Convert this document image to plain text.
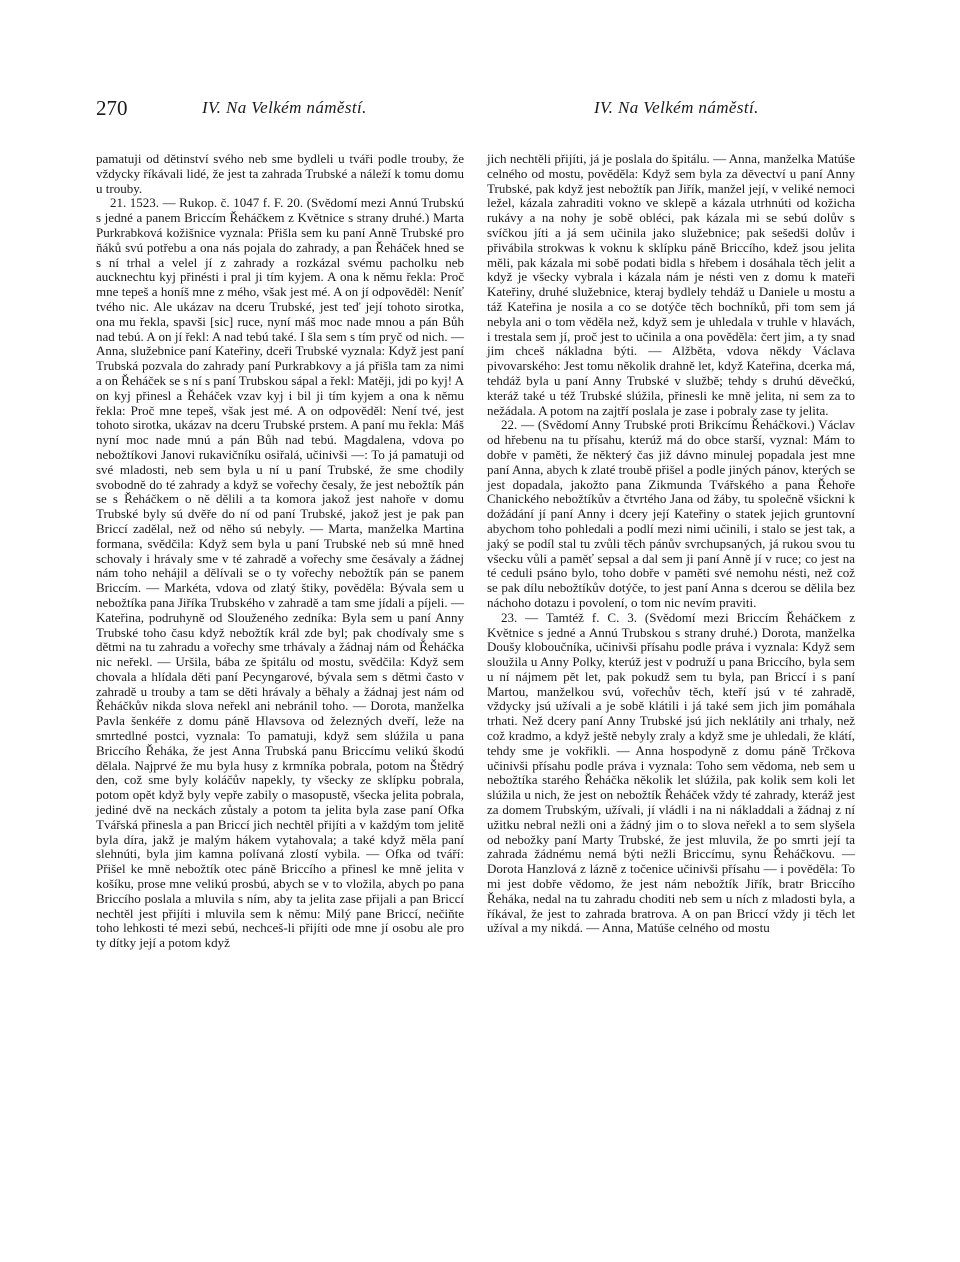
270	IV. Na Velkém náměstí.	IV. Na Velkém náměstí.

pamatuji od dětinství svého neb sme bydleli u tváři podle trouby, že vždycky říkávali lidé, že jest ta zahrada Trubské a náleží k tomu domu u trouby.

21. 1523. — Rukop. č. 1047 f. F. 20. (Svědomí mezi Annú Trubskú s jedné a panem Briccím Řeháčkem z Květnice s strany druhé.) Marta Purkrabková kožišnice vyznala: Přišla sem ku paní Anně Trubské pro ňáků svú potřebu a ona nás pojala do zahrady, a pan Řeháček hned se s ní trhal a velel jí z zahrady a rozkázal svému pacholku neb aucknechtu kyj přinésti i pral ji tím kyjem. A ona k němu řekla: Proč mne tepeš a honíš mne z mého, však jest mé. A on jí odpověděl: Neníť tvého nic. Ale ukázav na dceru Trubské, jest teď její tohoto sirotka, ona mu řekla, spavši [sic] ruce, nyní máš moc nade mnou a pán Bůh nad tebú. A on jí řekl: A nad tebú také. I šla sem s tím pryč od nich. — Anna, služebnice paní Kateřiny, dceři Trubské vyznala: Když jest paní Trubská pozvala do zahrady paní Purkrabkovy a já přišla tam za nimi a on Řeháček se s ní s paní Trubskou sápal a řekl: Matěji, jdi po kyj! A on kyj přinesl a Řeháček vzav kyj i bil ji tím kyjem a ona k němu řekla: Proč mne tepeš, však jest mé. A on odpověděl: Není tvé, jest tohoto sirotka, ukázav na dceru Trubské prstem. A paní mu řekla: Máš nyní moc nade mnú a pán Bůh nad tebú. Magdalena, vdova po nebožtíkovi Janovi rukavičníku osiřalá, učinivši —: To já pamatuji od své mladosti, neb sem byla u ní u paní Trubské, že sme chodily svobodně do té zahrady a když se vořechy česaly, že jest nebožtík pán se s Řeháčkem o ně dělili a ta komora jakož jest nahoře v domu Trubské byly sú dvěře do ní od paní Trubské, jakož jest je pak pan Briccí zadělal, než od něho sú nebyly. — Marta, manželka Martina formana, svědčila: Když sem byla u paní Trubské neb sú mně hned schovaly i hrávaly sme v té zahradě a vořechy sme česávaly a žádnej nám toho nehájil a dělívali se o ty vořechy nebožtík pán se panem Briccím. — Markéta, vdova od zlatý štiky, pověděla: Bývala sem u nebožtíka pana Jiříka Trubského v zahradě a tam sme jídali a píjeli. — Kateřina, podruhyně od Slouženého zedníka: Byla sem u paní Anny Trubské toho času když nebožtík král zde byl; pak chodívaly sme s dětmi na tu zahradu a vořechy sme trhávaly a žádnaj nám od Řeháčka nic neřekl. — Uršila, bába ze špitálu od mostu, svědčila: Když sem chovala a hlídala děti paní Pecyngarové, bývala sem s dětmi často v zahradě u trouby a tam se děti hrávaly a běhaly a žádnaj jest nám od Řeháčkův nikda slova neřekl ani nebránil toho. — Dorota, manželka Pavla šenkéře z domu páně Hlavsova od železných dveří, leže na smrtedlné postci, vyznala: To pamatuji, když sem slúžila u pana Briccího Řeháka, že jest Anna Trubská panu Briccímu velikú škodú dělala. Najprvé že mu byla husy z krmníka pobrala, potom na Štědrý den, což sme byly koláčův napekly, ty všecky ze sklípku pobrala, potom opět když byly vepře zabily o masopustě, všecka jelita pobrala, jediné dvě na neckách zůstaly a potom ta jelita byla zase paní Ofka Tvářská přinesla a pan Briccí jich nechtěl přijíti a v každým tom jelitě byla díra, jakž je malým hákem vytahovala; a také když měla paní slehnúti, byla jim kamna polívaná zlostí vybila. — Ofka od tváří: Přišel ke mně nebožtík otec páně Briccího a přinesl ke mně jelita v košíku, prose mne velikú prosbú, abych se v to vložila, abych po pana Briccího poslala a mluvila s ním, aby ta jelita zase přijali a pan Briccí nechtěl jest přijíti i mluvila sem k němu: Milý pane Briccí, nečiňte toho lehkosti té mezi sebú, nechceš-li přijíti ode mne jí osobu ale pro ty dítky její a potom když

jich nechtěli přijíti, já je poslala do špitálu. — Anna, manželka Matúše celného od mostu, pověděla: Když sem byla za děvectví u paní Anny Trubské, pak když jest nebožtík pan Jiřík, manžel její, v veliké nemoci ležel, kázala zahraditi vokno ve sklepě a kázala utrhnúti od kožicha rukávy a na nohy je sobě obléci, pak kázala mi se sebú dolův s svíčkou jíti a já sem učinila jako služebnice; pak sešedši dolův i přivábila strokwas k voknu k sklípku páně Briccího, kdež jsou jelita měli, pak kázala mi sobě podati bidla s hřebem i dosáhala těch jelit a když je všecky vybrala i kázala nám je nésti ven z domu k mateři Kateřiny, druhé služebnice, kteraj bydlely tehdáž u Daniele u mostu a táž Kateřina je nosila a co se dotýče těch bochníků, při tom sem já nebyla ani o tom věděla než, když sem je uhledala v truhle v hlavách, i trestala sem jí, proč jest to učinila a ona pověděla: čert jim, a ty snad jim chceš nákladna býti. — Alžběta, vdova někdy Václava pivovarského: Jest tomu několik drahně let, když Kateřina, dcerka má, tehdáž byla u paní Anny Trubské v službě; tehdy s druhú děvečkú, kteráž také u též Trubské slúžila, přinesli ke mně jelita, ni sem za to nežádala. A potom na zajtří poslala je zase i pobraly zase ty jelita.

22. — (Svědomí Anny Trubské proti Brikcímu Řeháčkovi.) Václav od hřebenu na tu přísahu, kterúž má do obce starší, vyznal: Mám to dobře v paměti, že některý čas již dávno minulej popadala jest mne paní Anna, abych k zlaté troubě přišel a podle jiných pánov, kterých se jest dopadala, jakožto pana Zikmunda Tvářského a pana Řehoře Chanického nebožtíkův a čtvrtého Jana od žáby, tu společně všickni k dožádání jí paní Anny i dcery její Kateřiny o statek jejich gruntovní abychom toho pohledali a podlí mezi nimi učinili, i stalo se jest tak, a jaký se podíl stal tu zvůli těch pánův svrchupsaných, já rukou svou tu všecku vůli a paměť sepsal a dal sem ji paní Anně jí v ruce; co jest na té ceduli psáno bylo, toho dobře v paměti své nemohu nésti, než což se pak dílu nebožtíkův dotýče, to jest paní Anna s dcerou se dělila bez náchoho dotazu i povolení, o tom nic nevím praviti.

23. — Tamtéž f. C. 3. (Svědomí mezi Briccím Řeháčkem z Květnice s jedné a Annú Trubskou s strany druhé.) Dorota, manželka Doušy kloboučníka, učinivši přísahu podle práva i vyznala: Když sem sloužila u Anny Polky, kterúž jest v podruží u pana Briccího, byla sem u ní nájmem pět let, pak pokudž sem tu byla, pan Briccí i s paní Martou, manželkou svú, vořechův těch, kteří jsú v té zahradě, vždycky jsú užívali a je sobě klátili i já také sem jich jim pomáhala trhati. Než dcery paní Anny Trubské jsú jich neklátily ani trhaly, než což kradmo, a když ještě nebyly zraly a když sme je uhledali, že klátí, tehdy sme je vokřikli. — Anna hospodyně z domu páně Trčkova učinivši přísahu podle práva i vyznala: Toho sem vědoma, neb sem u nebožtíka starého Řeháčka několik let slúžila, pak kolik sem koli let slúžila u nich, že jest on nebožtík Řeháček vždy té zahrady, kteráž jest za domem Trubským, užívali, jí vládli i na ni nákladdali a žádnaj z ní užitku nebral nežli oni a žádný jim o to slova neřekl a to sem slyšela od nebožky paní Marty Trubské, že jest mluvila, že po smrti její ta zahrada žádnému nemá býti nežli Briccímu, synu Řeháčkovu. — Dorota Hanzlová z lázně z točenice učinivši přísahu — i pověděla: To mi jest dobře vědomo, že jest nám nebožtík Jiřík, bratr Briccího Řeháka, nedal na tu zahradu choditi neb sem u ních z mladosti byla, a říkával, že jest to zahrada bratrova. A on pan Briccí vždy ji těch let užíval a my nikdá. — Anna, Matúše celného od mostu
